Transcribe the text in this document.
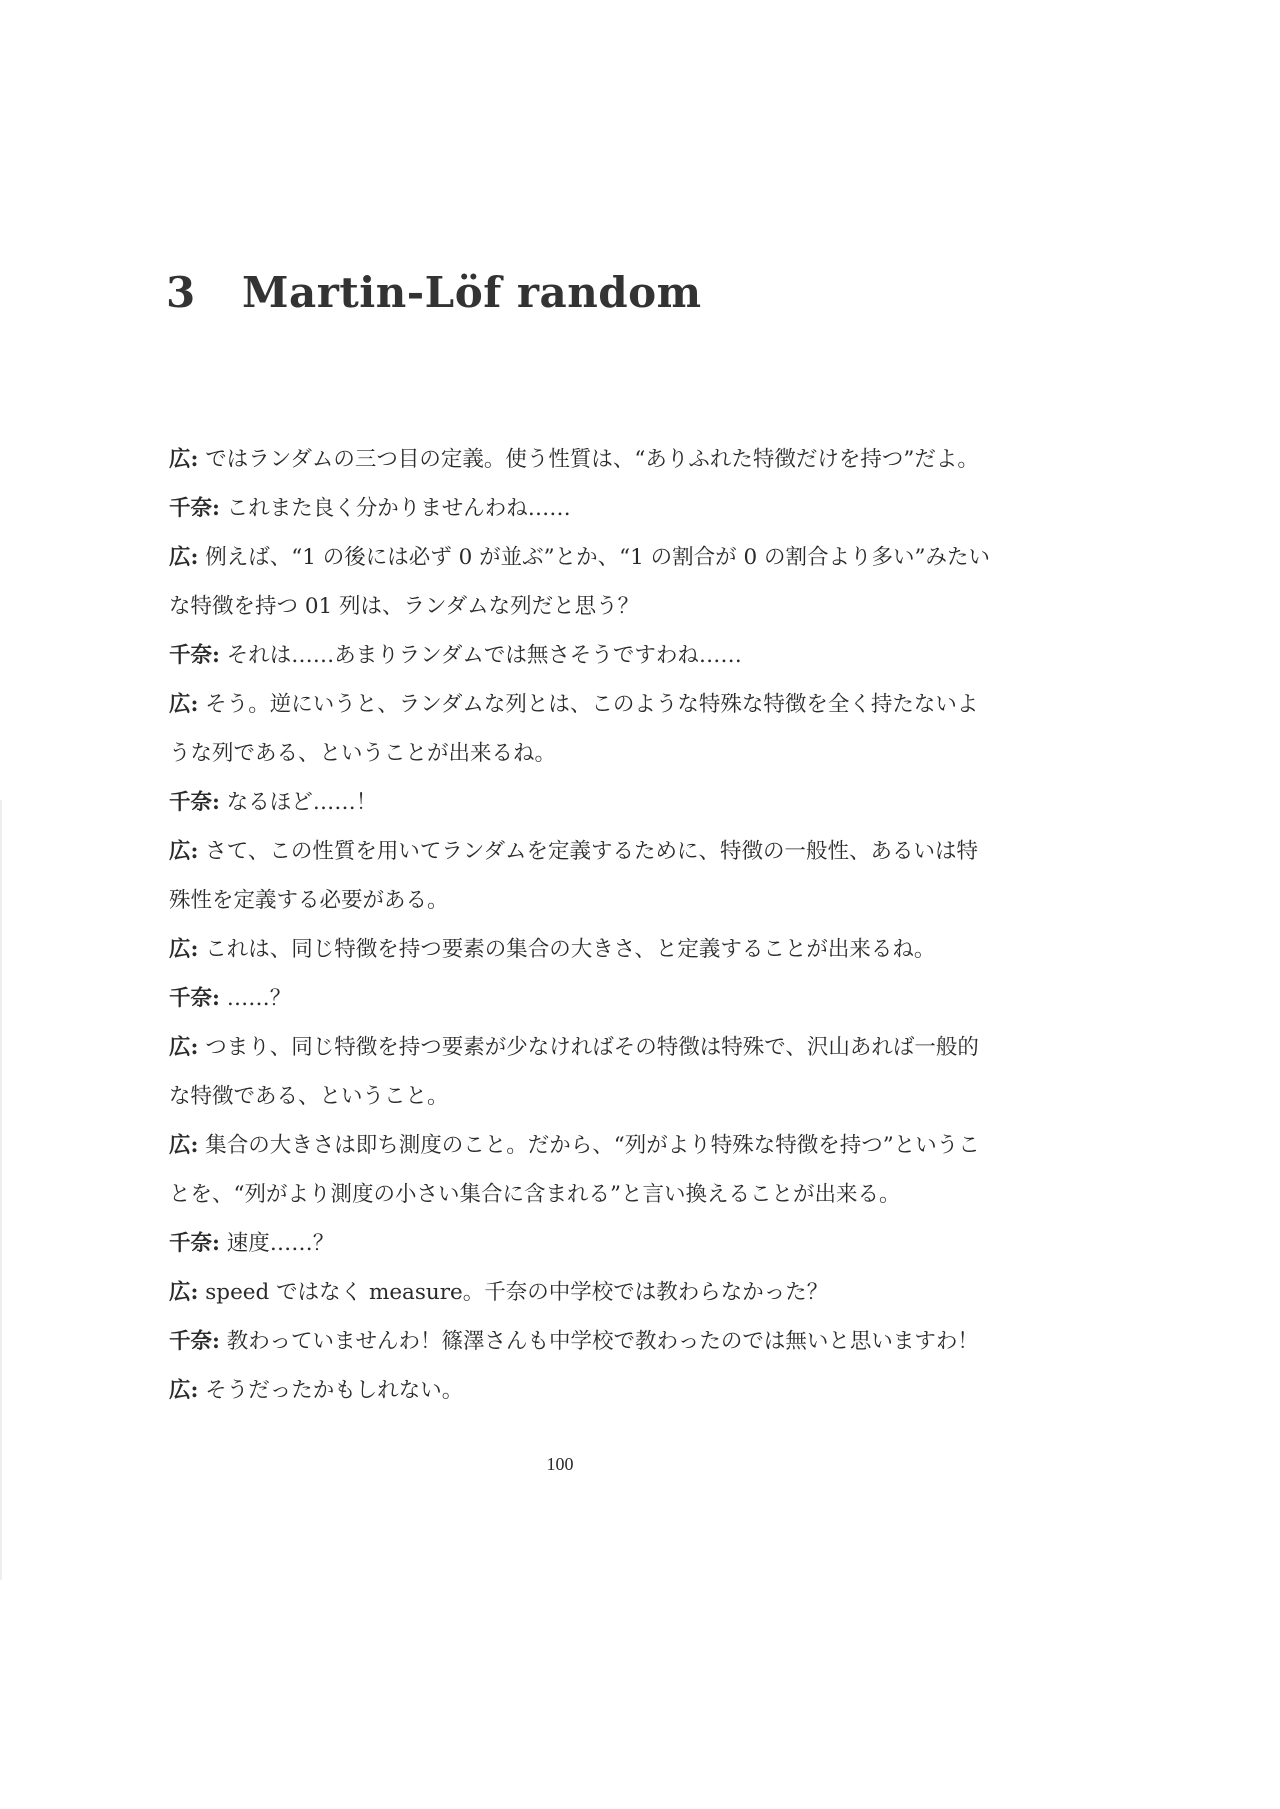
3 Martin-Löf random
広: ではランダムの三つ目の定義。使う性質は、“ありふれた特徴だけを持つ”だよ。
千奈: これまた良く分かりませんわね……
広: 例えば、“1 の後には必ず 0 が並ぶ”とか、“1 の割合が 0 の割合より多い”みたい
な特徴を持つ 01 列は、ランダムな列だと思う？
千奈: それは……あまりランダムでは無さそうですわね……
広: そう。逆にいうと、ランダムな列とは、このような特殊な特徴を全く持たないよ
うな列である、ということが出来るね。
千奈: なるほど……！
広: さて、この性質を用いてランダムを定義するために、特徴の一般性、あるいは特
殊性を定義する必要がある。
広: これは、同じ特徴を持つ要素の集合の大きさ、と定義することが出来るね。
千奈: ……？
広: つまり、同じ特徴を持つ要素が少なければその特徴は特殊で、沢山あれば一般的
な特徴である、ということ。
広: 集合の大きさは即ち測度のこと。だから、“列がより特殊な特徴を持つ”というこ
とを、“列がより測度の小さい集合に含まれる”と言い換えることが出来る。
千奈: 速度……？
広: speed ではなく measure。千奈の中学校では教わらなかった？
千奈: 教わっていませんわ！篠澤さんも中学校で教わったのでは無いと思いますわ！
広: そうだったかもしれない。
100
